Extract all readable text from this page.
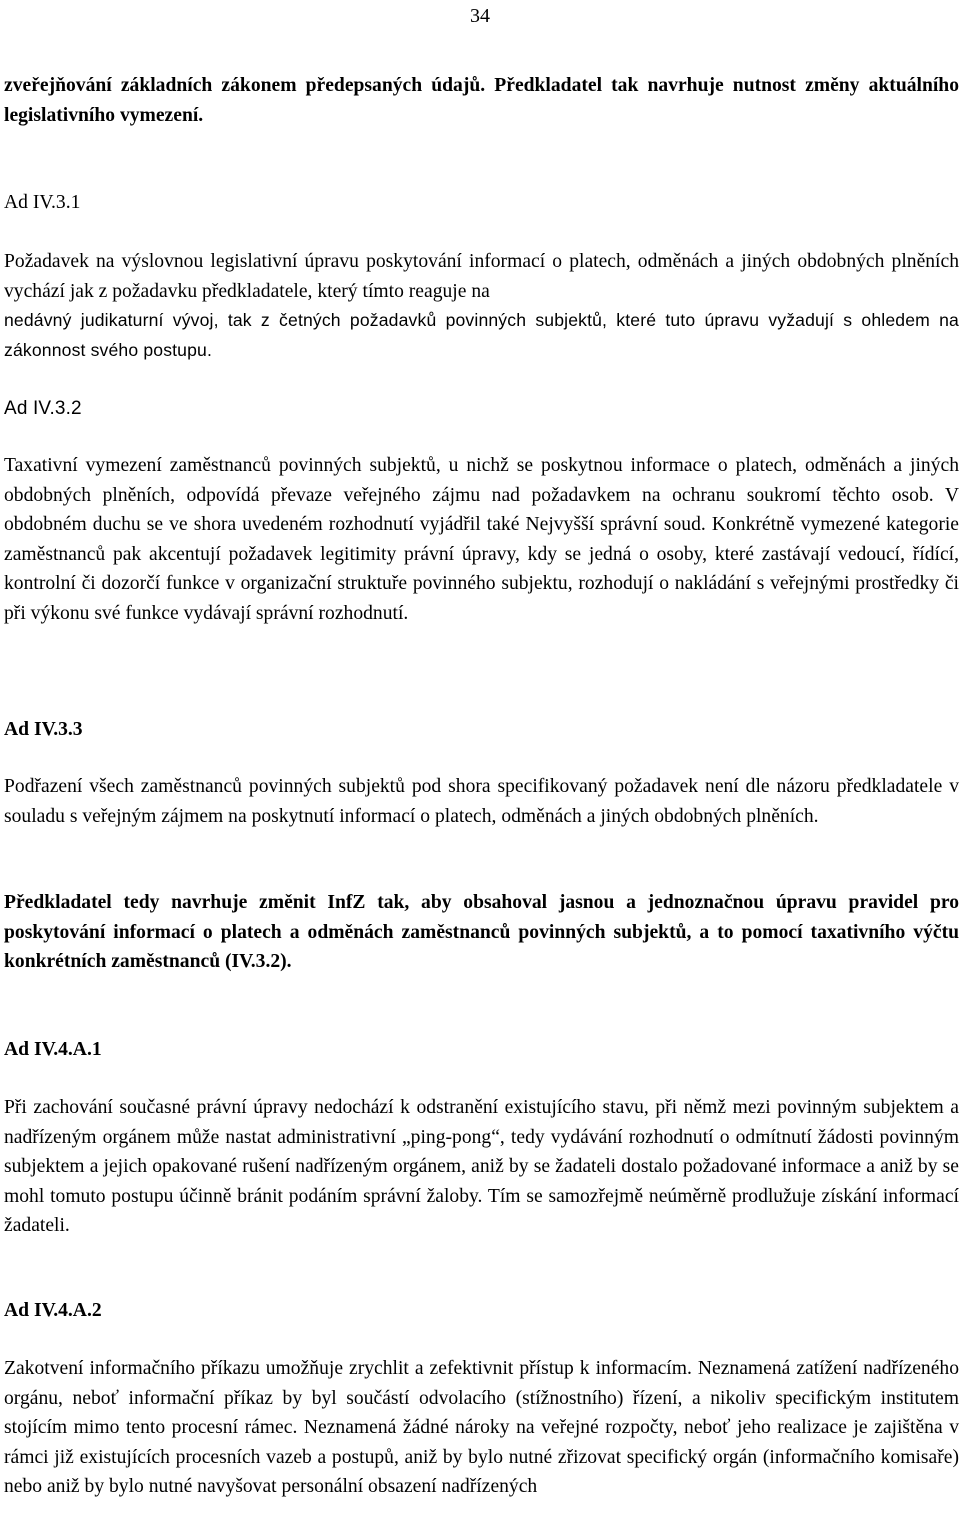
34

zveřejňování základních zákonem předepsaných údajů. Předkladatel tak navrhuje nutnost změny aktuálního legislativního vymezení.

Ad IV.3.1

Požadavek na výslovnou legislativní úpravu poskytování informací o platech, odměnách a jiných obdobných plněních vychází jak z požadavku předkladatele, který tímto reaguje na

nedávný judikaturní vývoj, tak z četných požadavků povinných subjektů, které tuto úpravu vyžadují s ohledem na zákonnost svého postupu.

Ad IV.3.2

Taxativní vymezení zaměstnanců povinných subjektů, u nichž se poskytnou informace o platech, odměnách a jiných obdobných plněních, odpovídá převaze veřejného zájmu nad požadavkem na ochranu soukromí těchto osob. V obdobném duchu se ve shora uvedeném rozhodnutí vyjádřil také Nejvyšší správní soud. Konkrétně vymezené kategorie zaměstnanců pak akcentují požadavek legitimity právní úpravy, kdy se jedná o osoby, které zastávají vedoucí, řídící, kontrolní či dozorčí funkce v organizační struktuře povinného subjektu, rozhodují o nakládání s veřejnými prostředky či při výkonu své funkce vydávají správní rozhodnutí.

Ad IV.3.3

Podřazení všech zaměstnanců povinných subjektů pod shora specifikovaný požadavek není dle názoru předkladatele v souladu s veřejným zájmem na poskytnutí informací o platech, odměnách a jiných obdobných plněních.

Předkladatel tedy navrhuje změnit InfZ tak, aby obsahoval jasnou a jednoznačnou úpravu pravidel pro poskytování informací o platech a odměnách zaměstnanců povinných subjektů, a to pomocí taxativního výčtu konkrétních zaměstnanců (IV.3.2).

Ad IV.4.A.1

Při zachování současné právní úpravy nedochází k odstranění existujícího stavu, při němž mezi povinným subjektem a nadřízeným orgánem může nastat administrativní „ping-pong“, tedy vydávání rozhodnutí o odmítnutí žádosti povinným subjektem a jejich opakované rušení nadřízeným orgánem, aniž by se žadateli dostalo požadované informace a aniž by se mohl tomuto postupu účinně bránit podáním správní žaloby. Tím se samozřejmě neúměrně prodlužuje získání informací žadateli.

Ad IV.4.A.2

Zakotvení informačního příkazu umožňuje zrychlit a zefektivnit přístup k informacím. Neznamená zatížení nadřízeného orgánu, neboť informační příkaz by byl součástí odvolacího (stížnostního) řízení, a nikoliv specifickým institutem stojícím mimo tento procesní rámec. Neznamená žádné nároky na veřejné rozpočty, neboť jeho realizace je zajištěna v rámci již existujících procesních vazeb a postupů, aniž by bylo nutné zřizovat specifický orgán (informačního komisaře) nebo aniž by bylo nutné navyšovat personální obsazení nadřízených
